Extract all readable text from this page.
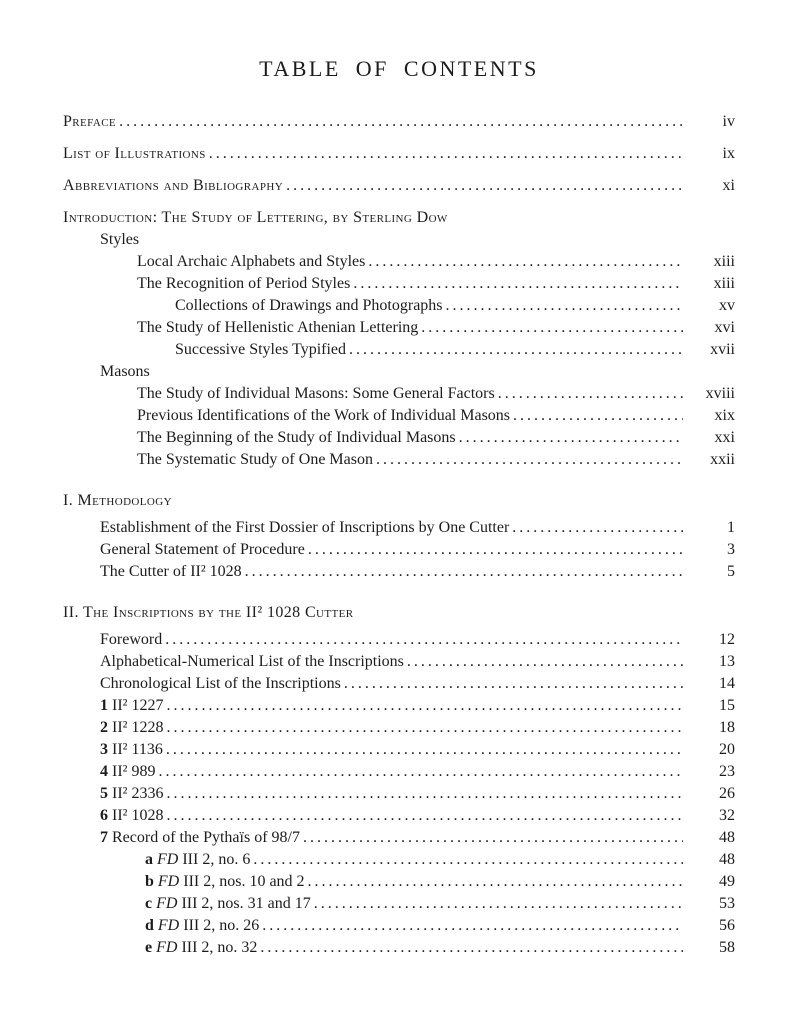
TABLE OF CONTENTS
Preface .....	iv
List of Illustrations .....	ix
Abbreviations and Bibliography .....	xi
Introduction: The Study of Lettering, by Sterling Dow
Styles
Local Archaic Alphabets and Styles .....	xiii
The Recognition of Period Styles .....	xiii
Collections of Drawings and Photographs .....	xv
The Study of Hellenistic Athenian Lettering .....	xvi
Successive Styles Typified .....	xvii
Masons
The Study of Individual Masons: Some General Factors .....	xviii
Previous Identifications of the Work of Individual Masons .....	xix
The Beginning of the Study of Individual Masons .....	xxi
The Systematic Study of One Mason .....	xxii
I. Methodology
Establishment of the First Dossier of Inscriptions by One Cutter .....	1
General Statement of Procedure .....	3
The Cutter of II² 1028 .....	5
II. The Inscriptions by the II² 1028 Cutter
Foreword .....	12
Alphabetical-Numerical List of the Inscriptions .....	13
Chronological List of the Inscriptions .....	14
1 II² 1227 .....	15
2 II² 1228 .....	18
3 II² 1136 .....	20
4 II² 989 .....	23
5 II² 2336 .....	26
6 II² 1028 .....	32
7 Record of the Pythaïs of 98/7 .....	48
a FD III 2, no. 6 .....	48
b FD III 2, nos. 10 and 2 .....	49
c FD III 2, nos. 31 and 17 .....	53
d FD III 2, no. 26 .....	56
e FD III 2, no. 32 .....	58
